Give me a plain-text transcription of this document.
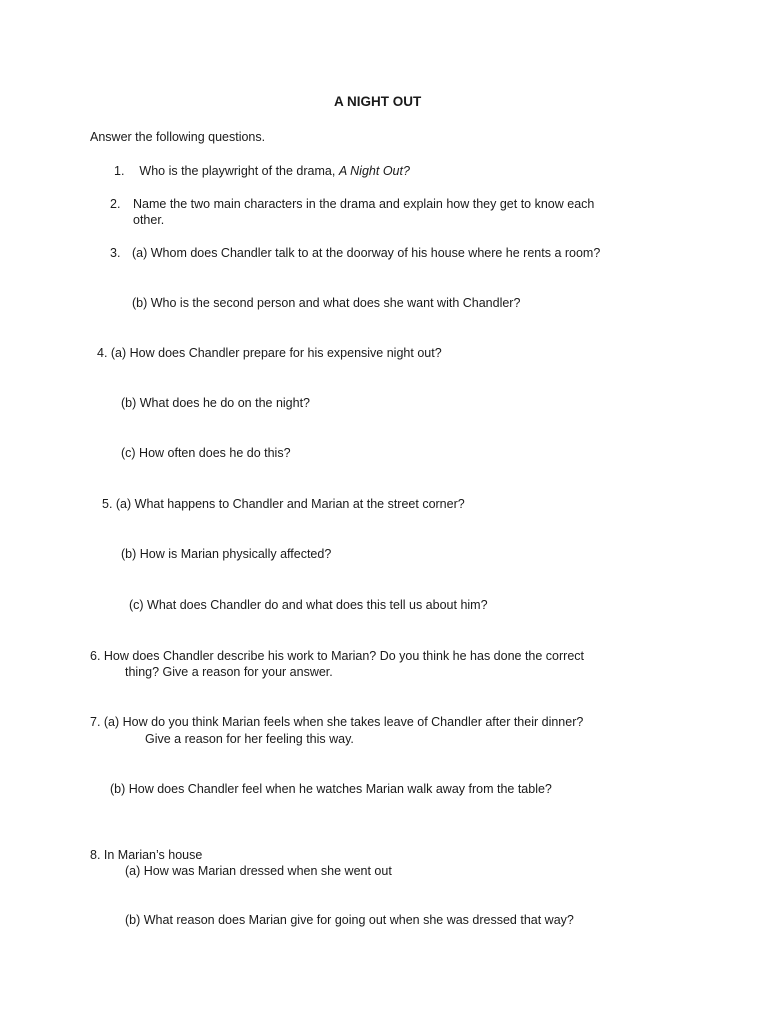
A NIGHT OUT
Answer the following questions.
1. Who is the playwright of the drama, A Night Out?
2. Name the two main characters in the drama and explain how they get to know each
other.
3. (a) Whom does Chandler talk to at the doorway of his house where he rents a room?
(b) Who is the second person and what does she want with Chandler?
4. (a) How does Chandler prepare for his expensive night out?
(b) What does he do on the night?
(c) How often does he do this?
5. (a) What happens to Chandler and Marian at the street corner?
(b) How is Marian physically affected?
(c) What does Chandler do and what does this tell us about him?
6. How does Chandler describe his work to Marian? Do you think he has done the correct
thing? Give a reason for your answer.
7. (a) How do you think Marian feels when she takes leave of Chandler after their dinner?
Give a reason for her feeling this way.
(b) How does Chandler feel when he watches Marian walk away from the table?
8. In Marian’s house
(a) How was Marian dressed when she went out
(b) What reason does Marian give for going out when she was dressed that way?
